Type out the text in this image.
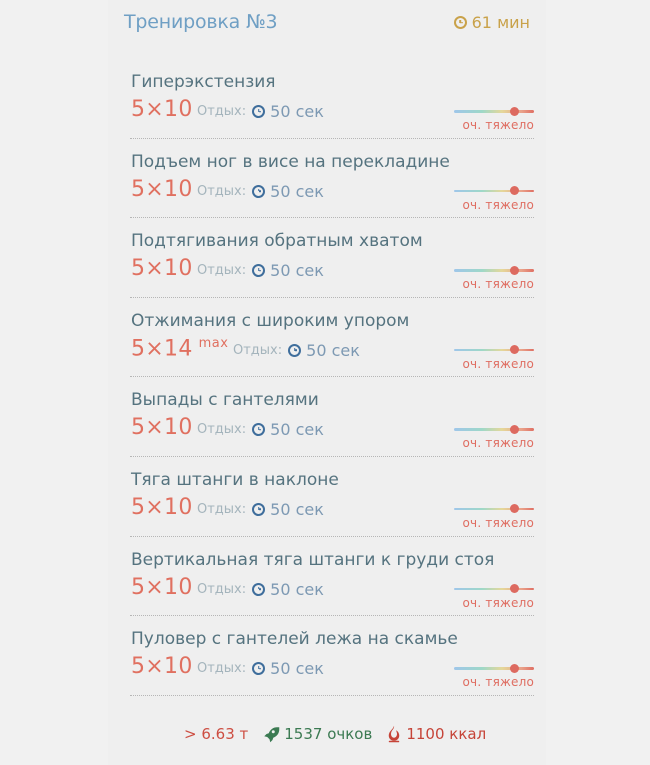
Тренировка №3	61 мин
Гиперэкстензия
5×10 Отдых: 50 сек
оч. тяжело
Подъем ног в висе на перекладине
5×10 Отдых: 50 сек
оч. тяжело
Подтягивания обратным хватом
5×10 Отдых: 50 сек
оч. тяжело
Отжимания с широким упором
5×14 $^{max}$ Отдых: 50 сек
оч. тяжело
Выпады с гантелями
5×10 Отдых: 50 сек
оч. тяжело
Тяга штанги в наклоне
5×10 Отдых: 50 сек
оч. тяжело
Вертикальная тяга штанги к груди стоя
5×10 Отдых: 50 сек
оч. тяжело
Пуловер с гантелей лежа на скамье
5×10 Отдых: 50 сек
оч. тяжело
> 6.63 т 1537 очков 1100 ккал
